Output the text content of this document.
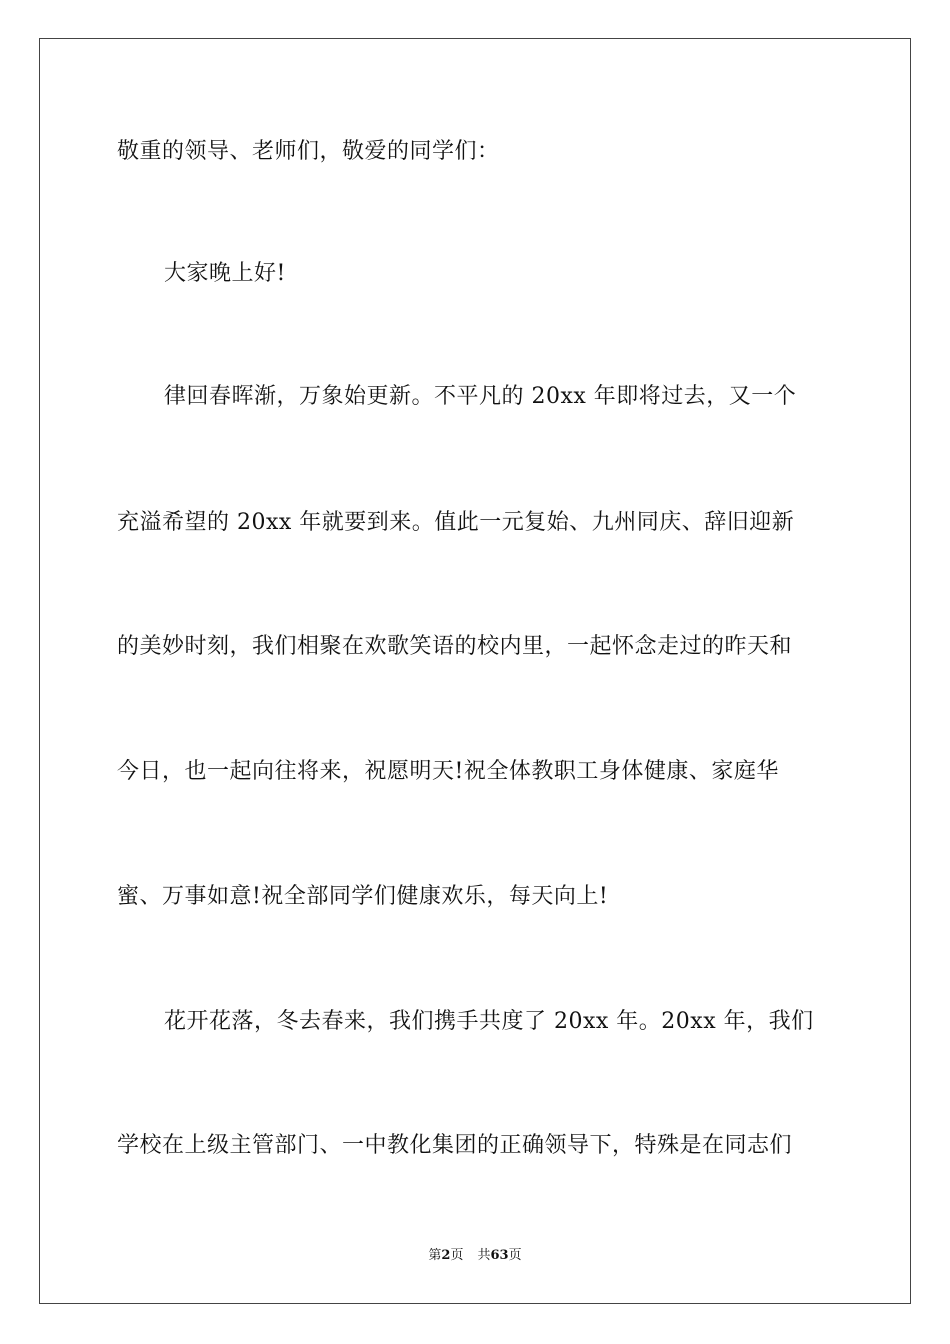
敬重的领导、老师们，敬爱的同学们：
大家晚上好!
律回春晖渐，万象始更新。不平凡的 20xx 年即将过去，又一个
充溢希望的 20xx 年就要到来。值此一元复始、九州同庆、辞旧迎新
的美妙时刻，我们相聚在欢歌笑语的校内里，一起怀念走过的昨天和
今日，也一起向往将来，祝愿明天!祝全体教职工身体健康、家庭华
蜜、万事如意!祝全部同学们健康欢乐，每天向上!
花开花落，冬去春来，我们携手共度了 20xx 年。20xx 年，我们
学校在上级主管部门、一中教化集团的正确领导下，特殊是在同志们
第2页 共63页
